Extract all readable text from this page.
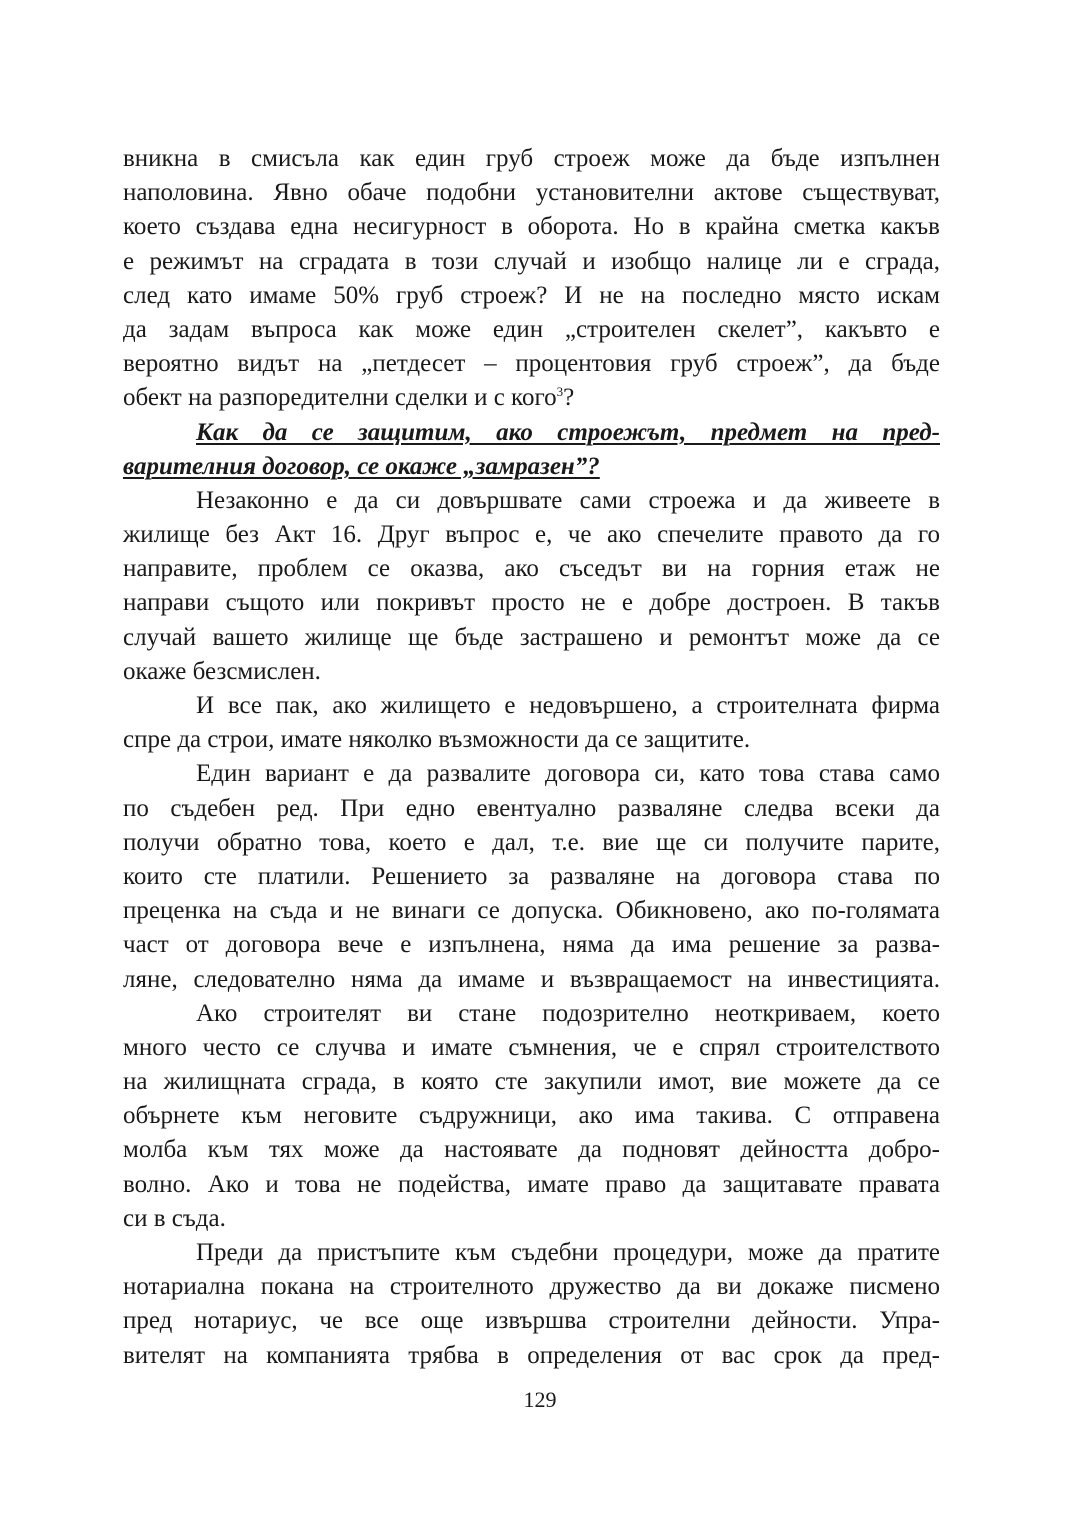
вникна в смисъла как един груб строеж може да бъде изпълнен
наполовина. Явно обаче подобни установителни актове съществуват,
което създава една несигурност в оборота. Но в крайна сметка какъв
е режимът на сградата в този случай и изобщо налице ли е сграда,
след като имаме 50% груб строеж? И не на последно място искам
да задам въпроса как може един „строителен скелет”, какъвто е
вероятно видът на „петдесет – процентовия груб строеж”, да бъде
обект на разпоредителни сделки и с кого$^3$?
Как да се защитим, ако строежът, предмет на пред-
варителния договор, се окаже „замразен”?
Незаконно е да си довършвате сами строежа и да живеете в
жилище без Акт 16. Друг въпрос е, че ако спечелите правото да го
направите, проблем се оказва, ако съседът ви на горния етаж не
направи същото или покривът просто не е добре достроен. В такъв
случай вашето жилище ще бъде застрашено и ремонтът може да се
окаже безсмислен.
И все пак, ако жилището е недовършено, а строителната фирма
спре да строи, имате няколко възможности да се защитите.
Един вариант е да развалите договора си, като това става само
по съдебен ред. При едно евентуално разваляне следва всеки да
получи обратно това, което е дал, т.е. вие ще си получите парите,
които сте платили. Решението за разваляне на договора става по
преценка на съда и не винаги се допуска. Обикновено, ако по-голямата
част от договора вече е изпълнена, няма да има решение за развa-
ляне, следователно няма да имаме и възвращаемост на инвестицията.
Ако строителят ви стане подозрително неоткриваем, което
много често се случва и имате съмнения, че е спрял строителството
на жилищната сграда, в която сте закупили имот, вие можете да се
обърнете към неговите съдружници, ако има такива. С отправена
молба към тях може да настоявате да подновят дейността добро-
волно. Ако и това не подейства, имате право да защитавате правата
си в съда.
Преди да пристъпите към съдебни процедури, може да пратите
нотариална покана на строителното дружество да ви докаже писмено
пред нотариус, че все още извършва строителни дейности. Упра-
вителят на компанията трябва в определения от вас срок да пред-
129
